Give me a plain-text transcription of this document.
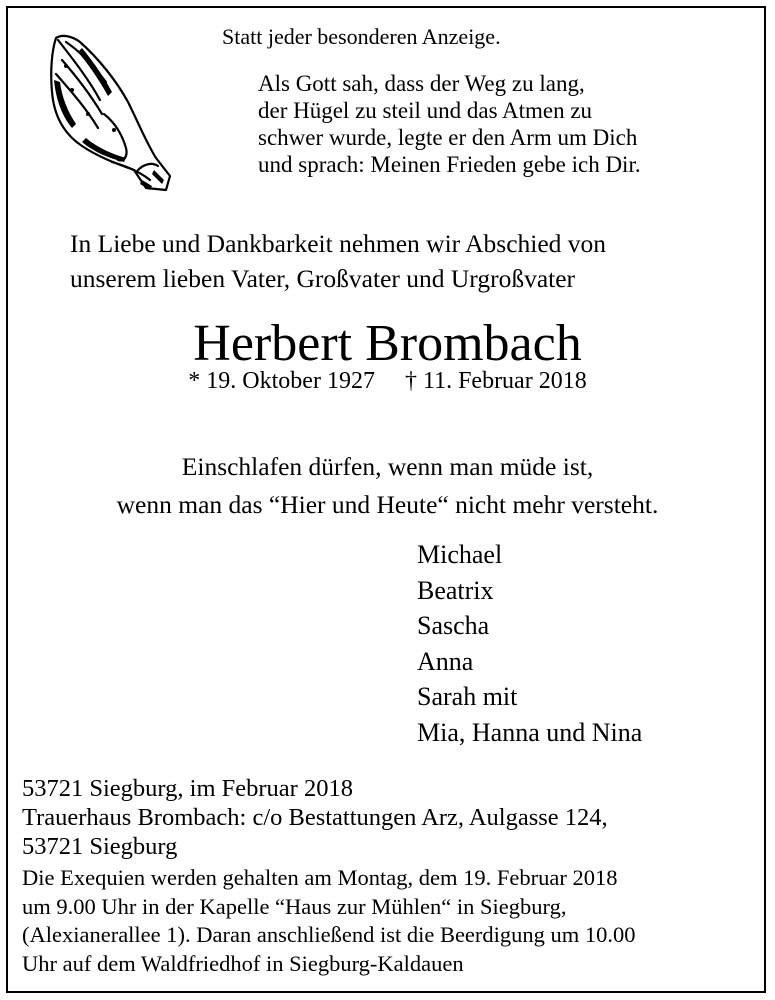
Statt jeder besonderen Anzeige.
Als Gott sah, dass der Weg zu lang,
der Hügel zu steil und das Atmen zu
schwer wurde, legte er den Arm um Dich
und sprach: Meinen Frieden gebe ich Dir.
In Liebe und Dankbarkeit nehmen wir Abschied von
unserem lieben Vater, Großvater und Urgroßvater
Herbert Brombach
* 19. Oktober 1927 † 11. Februar 2018
Einschlafen dürfen, wenn man müde ist,
wenn man das “Hier und Heute“ nicht mehr versteht.
Michael
Beatrix
Sascha
Anna
Sarah mit
Mia, Hanna und Nina
53721 Siegburg, im Februar 2018
Trauerhaus Brombach: c/o Bestattungen Arz, Aulgasse 124,
53721 Siegburg
Die Exequien werden gehalten am Montag, dem 19. Februar 2018
um 9.00 Uhr in der Kapelle “Haus zur Mühlen“ in Siegburg,
(Alexianerallee 1). Daran anschließend ist die Beerdigung um 10.00
Uhr auf dem Waldfriedhof in Siegburg-Kaldauen
